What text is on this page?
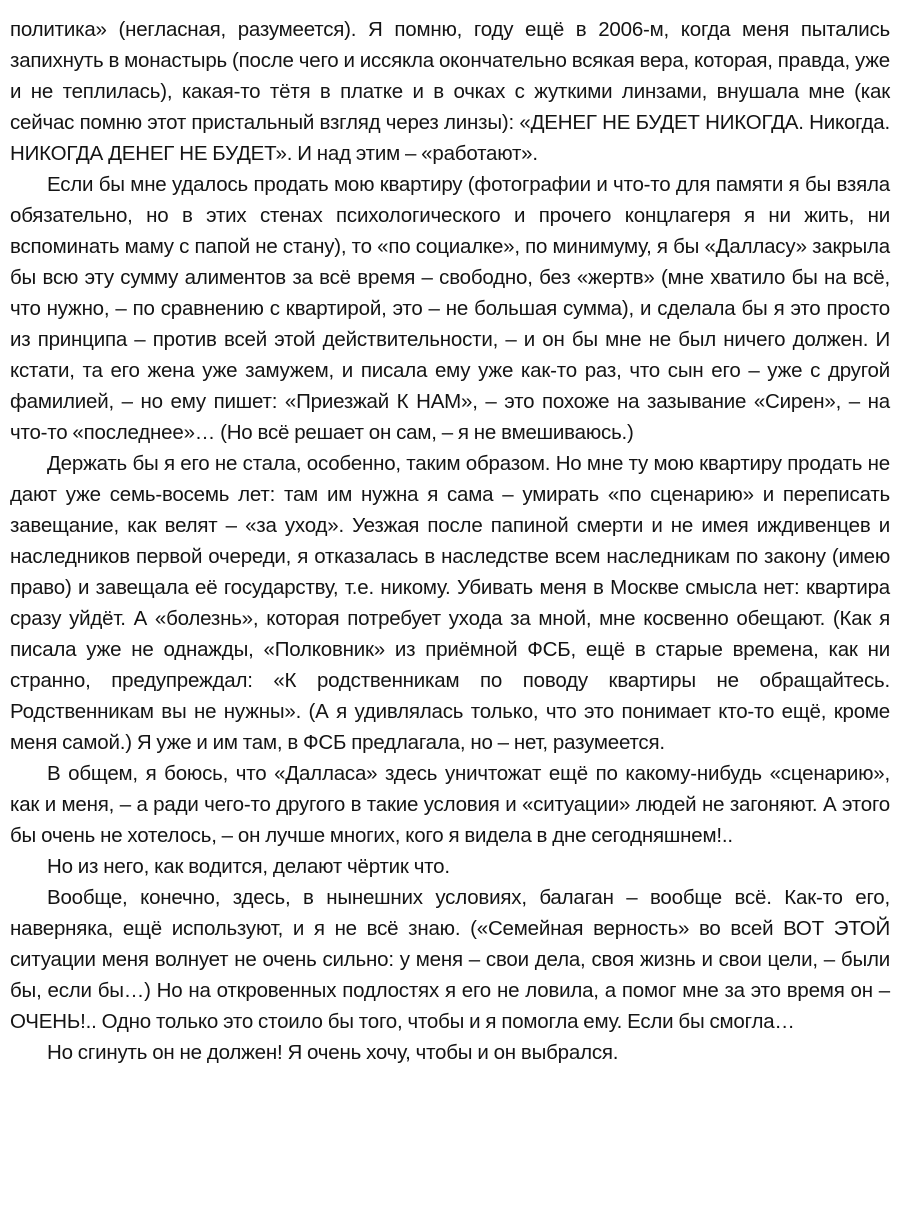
политика» (негласная, разумеется). Я помню, году ещё в 2006-м, когда меня пытались запихнуть в монастырь (после чего и иссякла окончательно всякая вера, которая, правда, уже и не теплилась), какая-то тётя в платке и в очках с жуткими линзами, внушала мне (как сейчас помню этот пристальный взгляд через линзы): «ДЕНЕГ НЕ БУДЕТ НИКОГДА. Никогда. НИКОГДА ДЕНЕГ НЕ БУДЕТ». И над этим – «работают».

Если бы мне удалось продать мою квартиру (фотографии и что-то для памяти я бы взяла обязательно, но в этих стенах психологического и прочего концлагеря я ни жить, ни вспоминать маму с папой не стану), то «по социалке», по минимуму, я бы «Далласу» закрыла бы всю эту сумму алиментов за всё время – свободно, без «жертв» (мне хватило бы на всё, что нужно, – по сравнению с квартирой, это – не большая сумма), и сделала бы я это просто из принципа – против всей этой действительности, – и он бы мне не был ничего должен. И кстати, та его жена уже замужем, и писала ему уже как-то раз, что сын его – уже с другой фамилией, – но ему пишет: «Приезжай К НАМ», – это похоже на зазывание «Сирен», – на что-то «последнее»… (Но всё решает он сам, – я не вмешиваюсь.)

Держать бы я его не стала, особенно, таким образом. Но мне ту мою квартиру продать не дают уже семь-восемь лет: там им нужна я сама – умирать «по сценарию» и переписать завещание, как велят – «за уход». Уезжая после папиной смерти и не имея иждивенцев и наследников первой очереди, я отказалась в наследстве всем наследникам по закону (имею право) и завещала её государству, т.е. никому. Убивать меня в Москве смысла нет: квартира сразу уйдёт. А «болезнь», которая потребует ухода за мной, мне косвенно обещают. (Как я писала уже не однажды, «Полковник» из приёмной ФСБ, ещё в старые времена, как ни странно, предупреждал: «К родственникам по поводу квартиры не обращайтесь. Родственникам вы не нужны». (А я удивлялась только, что это понимает кто-то ещё, кроме меня самой.) Я уже и им там, в ФСБ предлагала, но – нет, разумеется.

В общем, я боюсь, что «Далласа» здесь уничтожат ещё по какому-нибудь «сценарию», как и меня, – а ради чего-то другого в такие условия и «ситуации» людей не загоняют. А этого бы очень не хотелось, – он лучше многих, кого я видела в дне сегодняшнем!..

Но из него, как водится, делают чёртик что.

Вообще, конечно, здесь, в нынешних условиях, балаган – вообще всё. Как-то его, наверняка, ещё используют, и я не всё знаю. («Семейная верность» во всей ВОТ ЭТОЙ ситуации меня волнует не очень сильно: у меня – свои дела, своя жизнь и свои цели, – были бы, если бы…) Но на откровенных подлостях я его не ловила, а помог мне за это время он – ОЧЕНЬ!.. Одно только это стоило бы того, чтобы и я помогла ему. Если бы смогла…

Но сгинуть он не должен! Я очень хочу, чтобы и он выбрался.
